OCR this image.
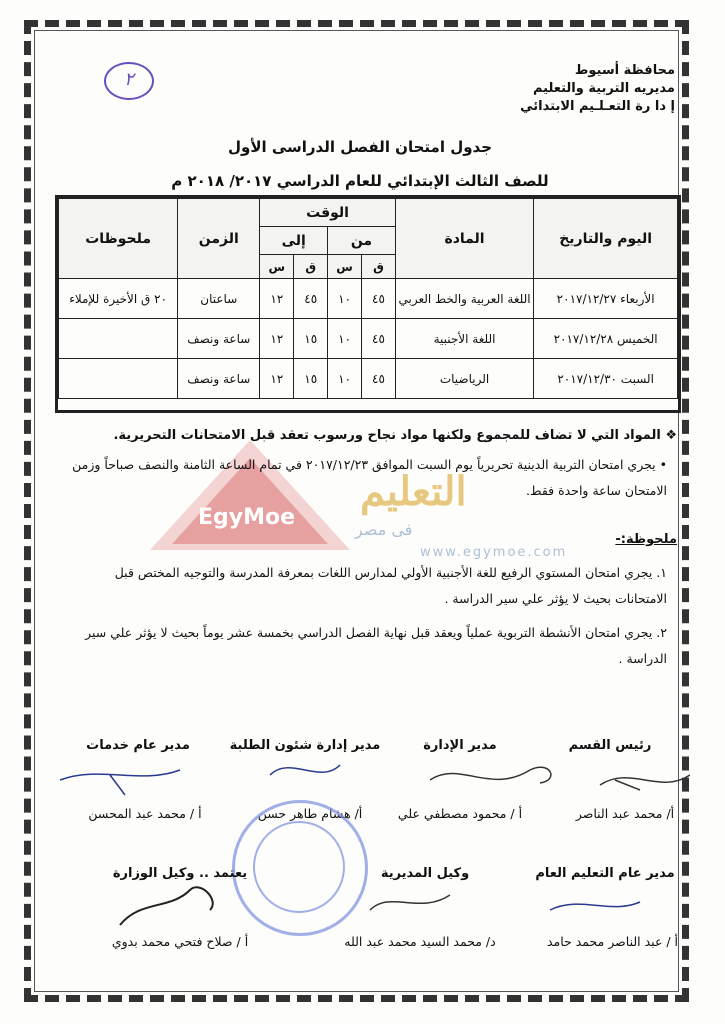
محافظة أسيوط
مديريه التربية والتعليم
إ دا رة التعـلـيم الابتدائي
٢
جدول امتحان الفصل الدراسى الأول
للصف الثالث الإبتدائي للعام الدراسي ٢٠١٧/ ٢٠١٨ م
اليوم والتاريخ	المادة	الوقت				الزمن	ملحوظات
		من		إلى			
		ق	س	ق	س		
الأربعاء ٢٠١٧/١٢/٢٧	اللغة العربية والخط العربي	٤٥	١٠	٤٥	١٢	ساعتان	٢٠ ق الأخيرة للإملاء
الخميس ٢٠١٧/١٢/٢٨	اللغة الأجنبية	٤٥	١٠	١٥	١٢	ساعة ونصف	
السبت ٢٠١٧/١٢/٣٠	الرياضيات	٤٥	١٠	١٥	١٢	ساعة ونصف	
EgyMoe
التعليم
فى مصر
www.egymoe.com
❖ المواد التي لا تضاف للمجموع ولكنها مواد نجاح ورسوب تعقد قبل الامتحانات التحريرية.
• يجري امتحان التربية الدينية تحريرياً يوم السبت الموافق ٢٠١٧/١٢/٢٣ في تمام الساعة الثامنة والنصف صباحاً وزمن الامتحان ساعة واحدة فقط.
ملحوظة:-
١. يجري امتحان المستوي الرفيع للغة الأجنبية الأولي لمدارس اللغات بمعرفة المدرسة والتوجيه المختص قبل الامتحانات بحيث لا يؤثر علي سير الدراسة .
٢. يجري امتحان الأنشطة التربوية عملياً ويعقد قبل نهاية الفصل الدراسي بخمسة عشر يوماً بحيث لا يؤثر علي سير الدراسة .
رئيس القسم
مدير الإدارة
مدير إدارة شئون الطلبة
مدير عام خدمات
أ/ محمد عبد الناصر
أ / محمود مصطفي علي
أ/ هشام طاهر حسن
أ / محمد عبد المحسن
مدير عام التعليم العام
وكيل المديرية
يعتمد .. وكيل الوزارة
أ / عبد الناصر محمد حامد
د/ محمد السيد محمد عبد الله
أ / صلاح فتحي محمد بدوي
